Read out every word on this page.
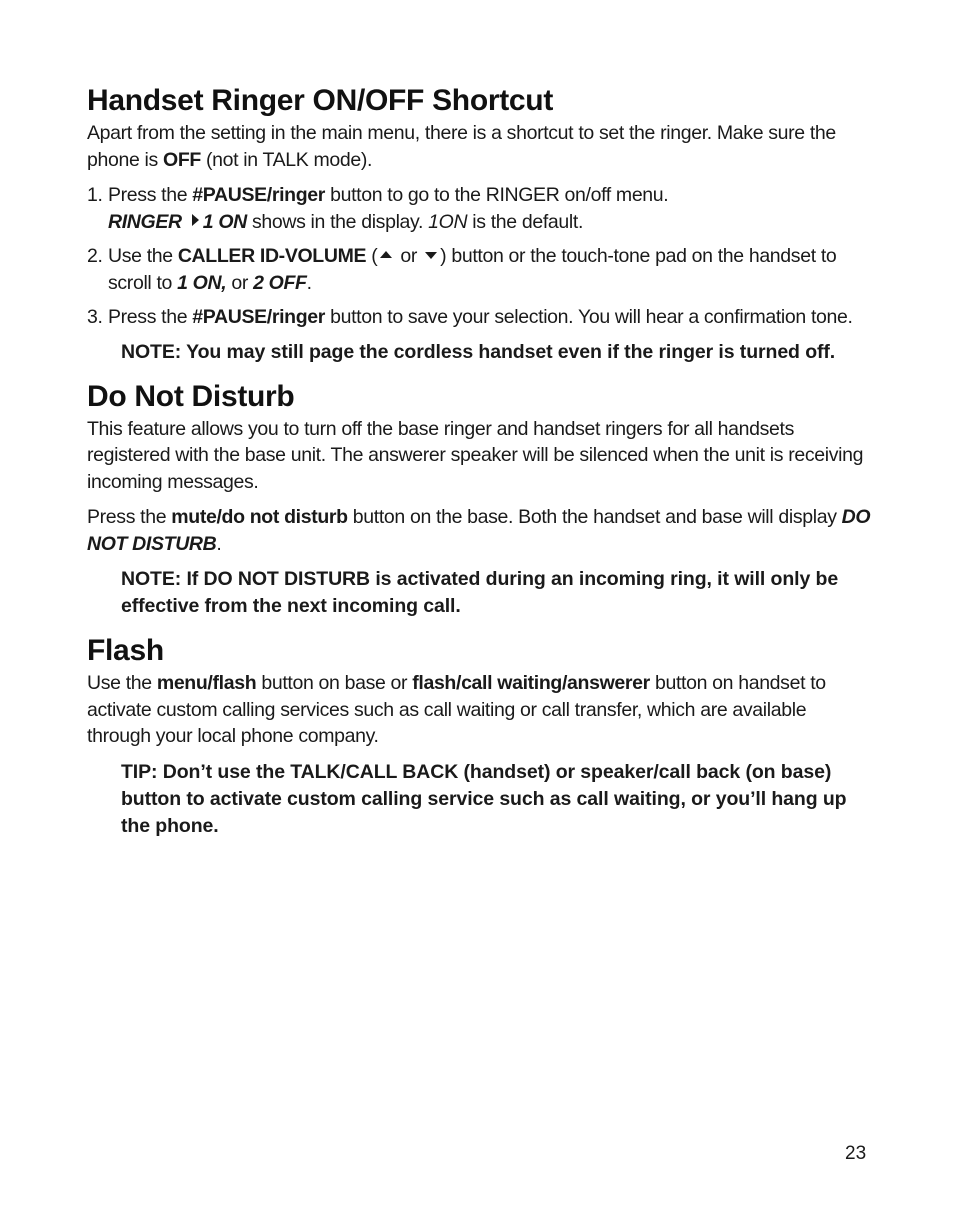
Handset Ringer ON/OFF Shortcut

Apart from the setting in the main menu, there is a shortcut to set the ringer. Make sure the phone is OFF (not in TALK mode).

1. Press the #PAUSE/ringer button to go to the RINGER on/off menu.
RINGER 1 ON shows in the display. 1ON is the default.
2. Use the CALLER ID-VOLUME ( or ) button or the touch-tone pad on the handset to scroll to 1 ON, or 2 OFF.
3. Press the #PAUSE/ringer button to save your selection. You will hear a confirmation tone.

NOTE: You may still page the cordless handset even if the ringer is turned off.

Do Not Disturb

This feature allows you to turn off the base ringer and handset ringers for all handsets registered with the base unit. The answerer speaker will be silenced when the unit is receiving incoming messages.

Press the mute/do not disturb button on the base. Both the handset and base will display DO NOT DISTURB.

NOTE: If DO NOT DISTURB is activated during an incoming ring, it will only be effective from the next incoming call.

Flash

Use the menu/flash button on base or flash/call waiting/answerer button on handset to activate custom calling services such as call waiting or call transfer, which are available through your local phone company.

TIP: Don’t use the TALK/CALL BACK (handset) or speaker/call back (on base) button to activate custom calling service such as call waiting, or you’ll hang up the phone.

23
